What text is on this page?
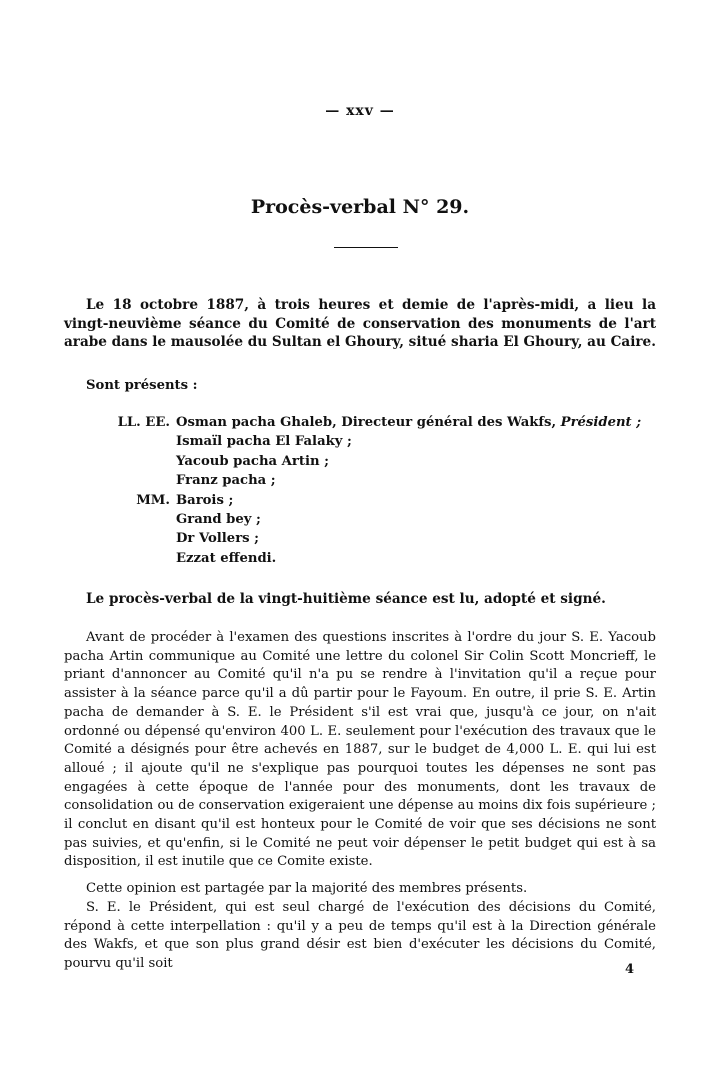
— xxv —
Procès-verbal N° 29.
Le 18 octobre 1887, à trois heures et demie de l'après-midi, a lieu la vingt-neuvième séance du Comité de conservation des monuments de l'art arabe dans le mausolée du Sultan el Ghoury, situé sharia El Ghoury, au Caire.
Sont présents :
LL. EE. Osman pacha Ghaleb, Directeur général des Wakfs,
Président ;
Ismaïl pacha El Falaky ;
Yacoub pacha Artin ;
Franz pacha ;
MM. Barois ;
Grand bey ;
Dr Vollers ;
Ezzat effendi.
Le procès-verbal de la vingt-huitième séance est lu, adopté et signé.
Avant de procéder à l'examen des questions inscrites à l'ordre du jour S. E. Yacoub pacha Artin communique au Comité une lettre du colonel Sir Colin Scott Moncrieff, le priant d'annoncer au Comité qu'il n'a pu se rendre à l'invitation qu'il a reçue pour assister à la séance parce qu'il a dû partir pour le Fayoum. En outre, il prie S. E. Artin pacha de demander à S. E. le Président s'il est vrai que, jusqu'à ce jour, on n'ait ordonné ou dépensé qu'environ 400 L. E. seulement pour l'exécution des travaux que le Comité a désignés pour être achevés en 1887, sur le budget de 4,000 L. E. qui lui est alloué ; il ajoute qu'il ne s'explique pas pourquoi toutes les dépenses ne sont pas engagées à cette époque de l'année pour des monuments, dont les travaux de consolidation ou de conservation exigeraient une dépense au moins dix fois supérieure ; il conclut en disant qu'il est honteux pour le Comité de voir que ses décisions ne sont pas suivies, et qu'enfin, si le Comité ne peut voir dépenser le petit budget qui est à sa disposition, il est inutile que ce Comite existe.
Cette opinion est partagée par la majorité des membres présents.
S. E. le Président, qui est seul chargé de l'exécution des décisions du Comité, répond à cette interpellation : qu'il y a peu de temps qu'il est à la Direction générale des Wakfs, et que son plus grand désir est bien d'exécuter les décisions du Comité, pourvu qu'il soit	4
